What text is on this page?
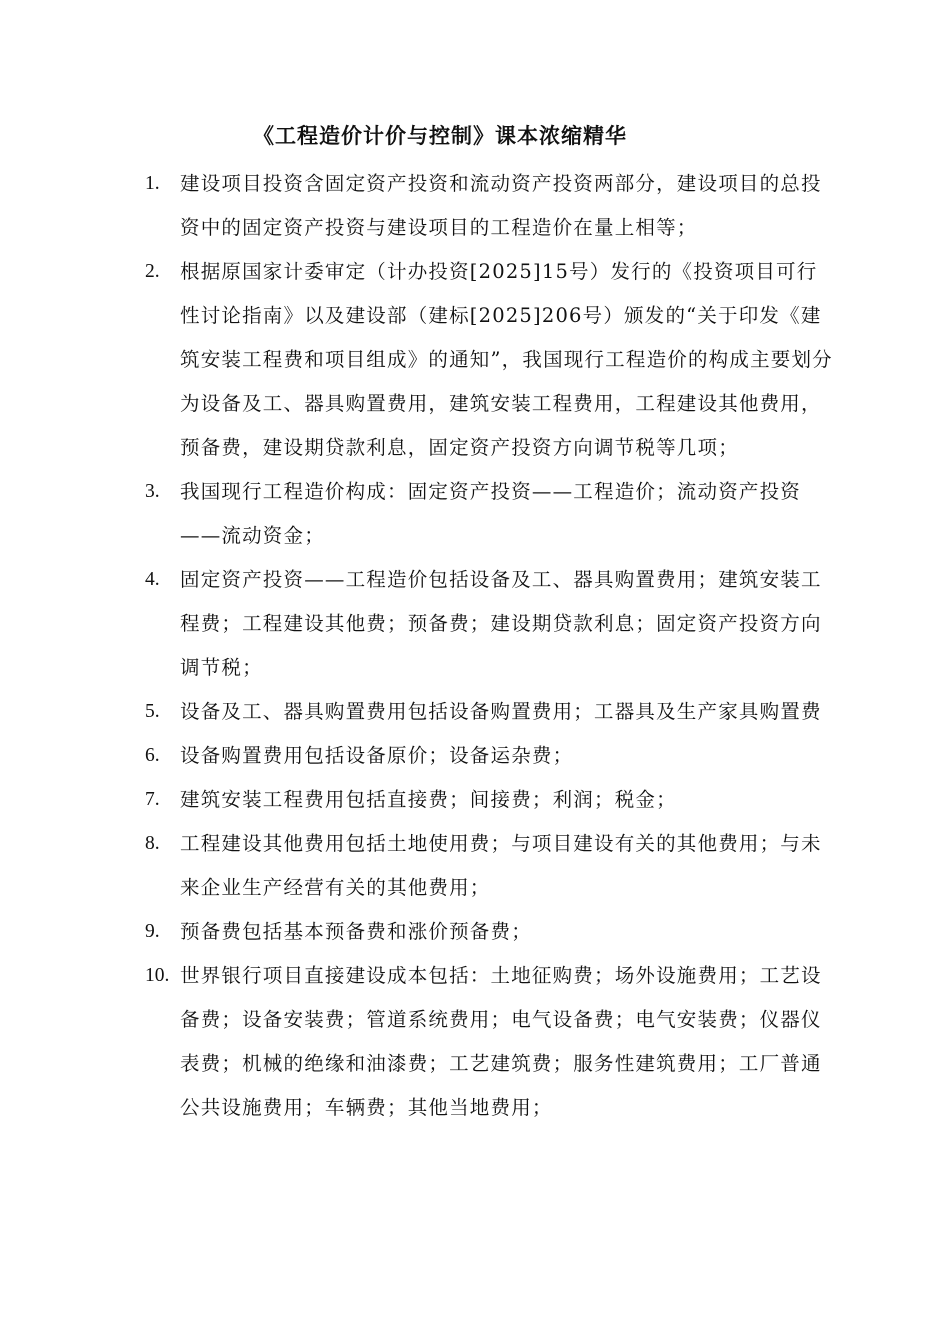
《工程造价计价与控制》课本浓缩精华
1. 建设项目投资含固定资产投资和流动资产投资两部分，建设项目的总投资中的固定资产投资与建设项目的工程造价在量上相等；
2. 根据原国家计委审定（计办投资[2025]15号）发行的《投资项目可行性讨论指南》以及建设部（建标[2025]206号）颁发的“关于印发《建筑安装工程费和项目组成》的通知”，我国现行工程造价的构成主要划分为设备及工、器具购置费用，建筑安装工程费用，工程建设其他费用，预备费，建设期贷款利息，固定资产投资方向调节税等几项；
3. 我国现行工程造价构成：固定资产投资——工程造价；流动资产投资——流动资金；
4. 固定资产投资——工程造价包括设备及工、器具购置费用；建筑安装工程费；工程建设其他费；预备费；建设期贷款利息；固定资产投资方向调节税；
5. 设备及工、器具购置费用包括设备购置费用；工器具及生产家具购置费
6. 设备购置费用包括设备原价；设备运杂费；
7. 建筑安装工程费用包括直接费；间接费；利润；税金；
8. 工程建设其他费用包括土地使用费；与项目建设有关的其他费用；与未来企业生产经营有关的其他费用；
9. 预备费包括基本预备费和涨价预备费；
10. 世界银行项目直接建设成本包括：土地征购费；场外设施费用；工艺设备费；设备安装费；管道系统费用；电气设备费；电气安装费；仪器仪表费；机械的绝缘和油漆费；工艺建筑费；服务性建筑费用；工厂普通公共设施费用；车辆费；其他当地费用；
